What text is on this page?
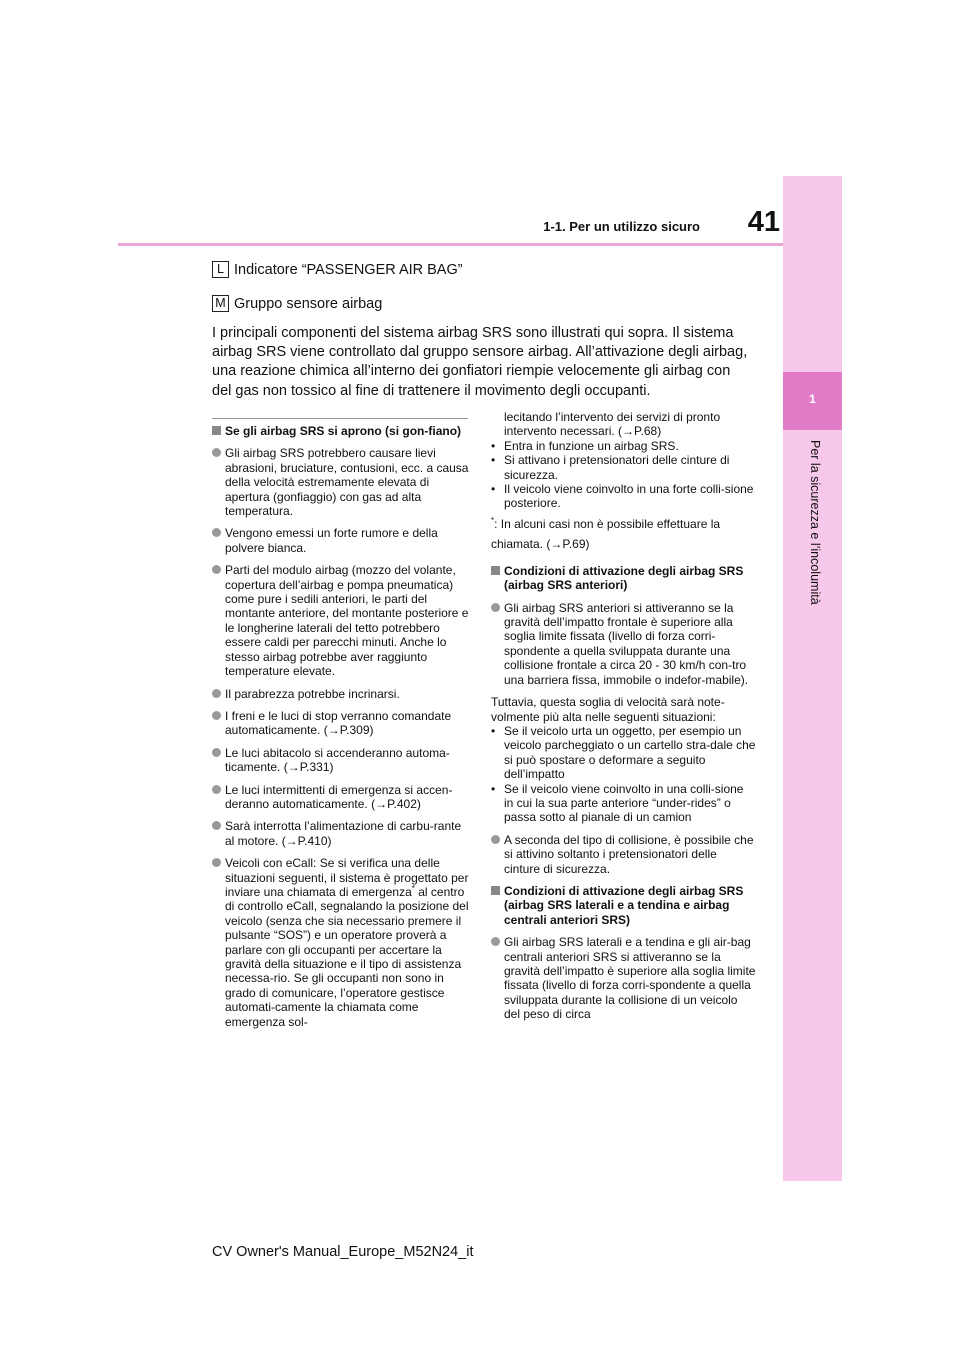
41
1-1. Per un utilizzo sicuro
1
Per la sicurezza e l’incolumità
L Indicatore “PASSENGER AIR BAG”
M Gruppo sensore airbag
I principali componenti del sistema airbag SRS sono illustrati qui sopra. Il sistema airbag SRS viene controllato dal gruppo sensore airbag. All’attivazione degli airbag, una reazione chimica all’interno dei gonfiatori riempie velocemente gli airbag con del gas non tossico al fine di trattenere il movimento degli occupanti.
Se gli airbag SRS si aprono (si gon-fiano)
Gli airbag SRS potrebbero causare lievi abrasioni, bruciature, contusioni, ecc. a causa della velocità estremamente elevata di apertura (gonfiaggio) con gas ad alta temperatura.
Vengono emessi un forte rumore e della polvere bianca.
Parti del modulo airbag (mozzo del volante, copertura dell’airbag e pompa pneumatica) come pure i sedili anteriori, le parti del montante anteriore, del montante posteriore e le longherine laterali del tetto potrebbero essere caldi per parecchi minuti. Anche lo stesso airbag potrebbe aver raggiunto temperature elevate.
Il parabrezza potrebbe incrinarsi.
I freni e le luci di stop verranno comandate automaticamente. (→P.309)
Le luci abitacolo si accenderanno automa-ticamente. (→P.331)
Le luci intermittenti di emergenza si accen-deranno automaticamente. (→P.402)
Sarà interrotta l’alimentazione di carbu-rante al motore. (→P.410)
Veicoli con eCall: Se si verifica una delle situazioni seguenti, il sistema è progettato per inviare una chiamata di emergenza* al centro di controllo eCall, segnalando la posizione del veicolo (senza che sia necessario premere il pulsante “SOS”) e un operatore proverà a parlare con gli occupanti per accertare la gravità della situazione e il tipo di assistenza necessa-rio. Se gli occupanti non sono in grado di comunicare, l’operatore gestisce automati-camente la chiamata come emergenza sol-
lecitando l’intervento dei servizi di pronto intervento necessari. (→P.68)
• Entra in funzione un airbag SRS.
• Si attivano i pretensionatori delle cinture di sicurezza.
• Il veicolo viene coinvolto in una forte colli-sione posteriore.
*: In alcuni casi non è possibile effettuare la chiamata. (→P.69)
Condizioni di attivazione degli airbag SRS (airbag SRS anteriori)
Gli airbag SRS anteriori si attiveranno se la gravità dell’impatto frontale è superiore alla soglia limite fissata (livello di forza corri-spondente a quella sviluppata durante una collisione frontale a circa 20 - 30 km/h con-tro una barriera fissa, immobile o indefor-mabile).
Tuttavia, questa soglia di velocità sarà note-volmente più alta nelle seguenti situazioni:
• Se il veicolo urta un oggetto, per esempio un veicolo parcheggiato o un cartello stra-dale che si può spostare o deformare a seguito dell’impatto
• Se il veicolo viene coinvolto in una colli-sione in cui la sua parte anteriore “under-rides” o passa sotto al pianale di un camion
A seconda del tipo di collisione, è possibile che si attivino soltanto i pretensionatori delle cinture di sicurezza.
Condizioni di attivazione degli airbag SRS (airbag SRS laterali e a tendina e airbag centrali anteriori SRS)
Gli airbag SRS laterali e a tendina e gli air-bag centrali anteriori SRS si attiveranno se la gravità dell’impatto è superiore alla soglia limite fissata (livello di forza corri-spondente a quella sviluppata durante la collisione di un veicolo del peso di circa
CV Owner's Manual_Europe_M52N24_it
